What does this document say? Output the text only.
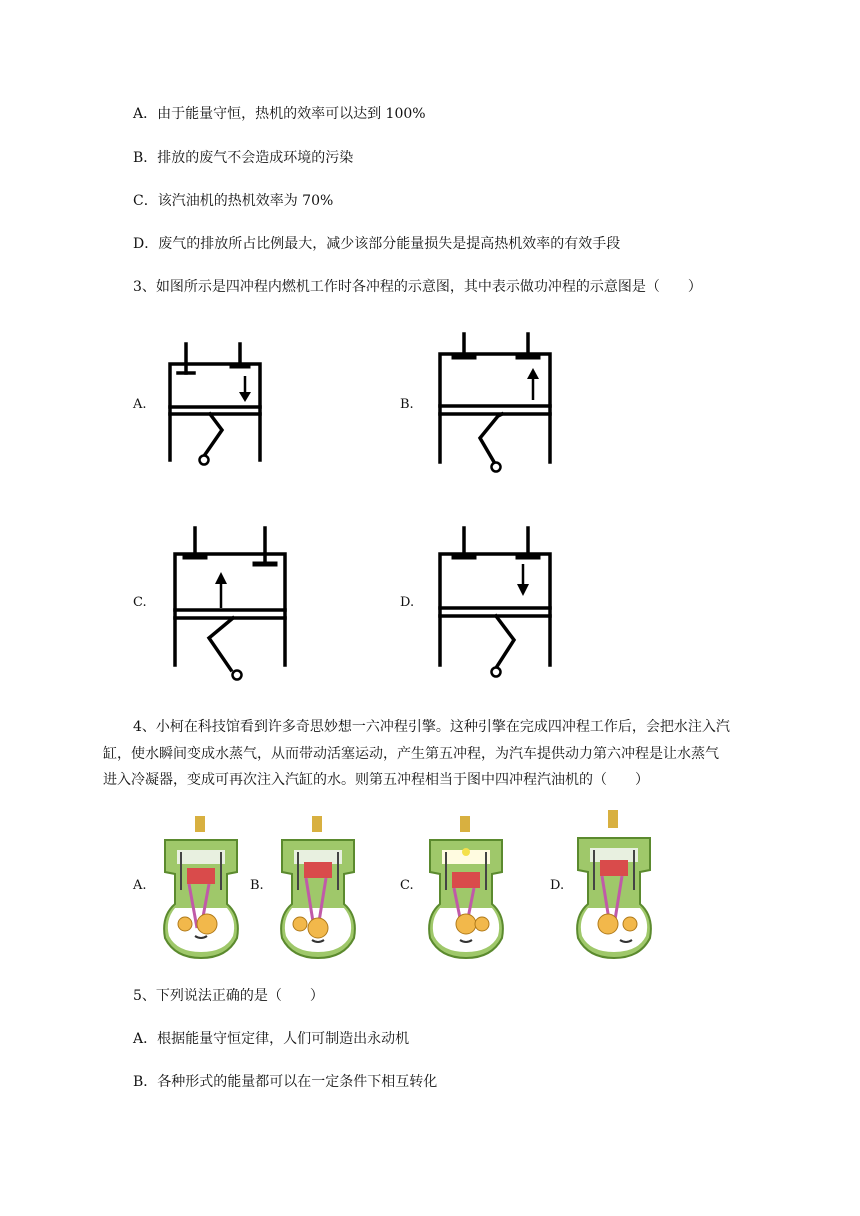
A．由于能量守恒，热机的效率可以达到 100%
B．排放的废气不会造成环境的污染
C．该汽油机的热机效率为 70%
D．废气的排放所占比例最大，减少该部分能量损失是提高热机效率的有效手段
3、如图所示是四冲程内燃机工作时各冲程的示意图，其中表示做功冲程的示意图是（　　）
A.	B.
C.	D.
4、小柯在科技馆看到许多奇思妙想一六冲程引擎。这种引擎在完成四冲程工作后，会把水注入汽
缸，使水瞬间变成水蒸气，从而带动活塞运动，产生第五冲程，为汽车提供动力第六冲程是让水蒸气
进入冷凝器，变成可再次注入汽缸的水。则第五冲程相当于图中四冲程汽油机的（　　）
A.	B.	C.	D.
5、下列说法正确的是（　　）
A．根据能量守恒定律，人们可制造出永动机
B．各种形式的能量都可以在一定条件下相互转化
